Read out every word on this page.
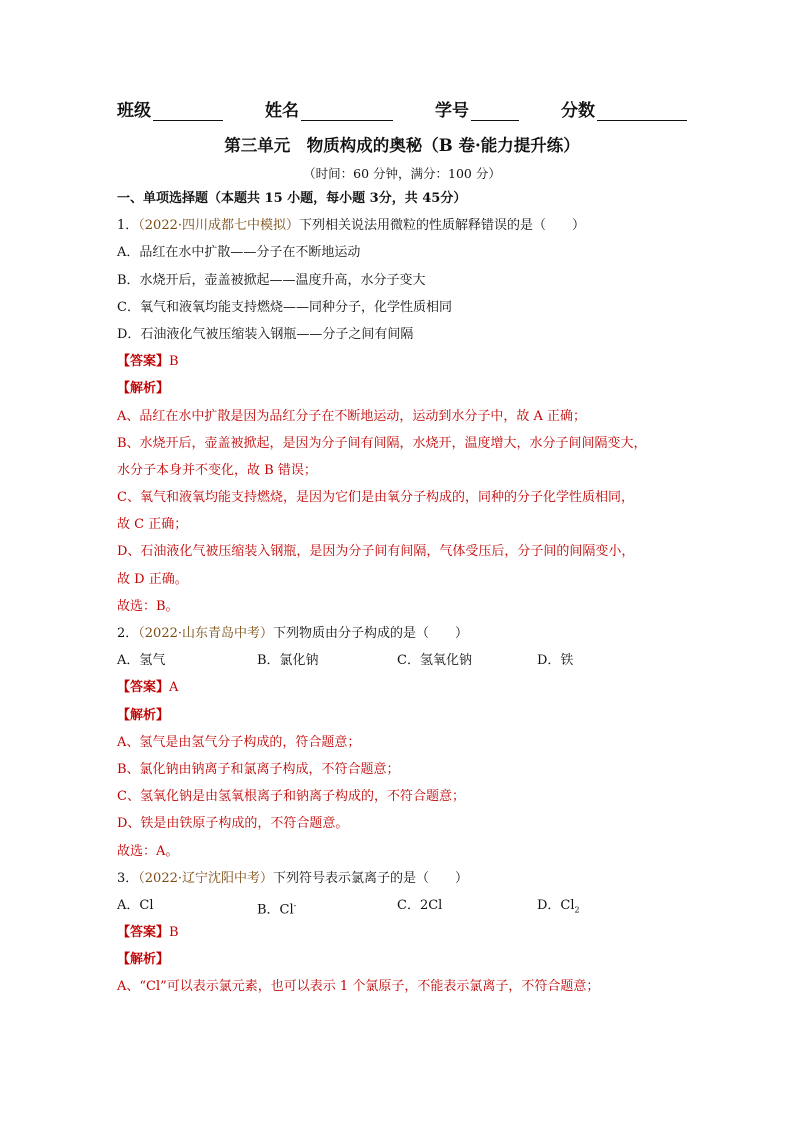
班级	姓名	学号	分数
第三单元　物质构成的奥秘（B 卷·能力提升练）
（时间：60 分钟，满分：100 分）
一、单项选择题（本题共 15 小题，每小题 3分，共 45分）
1．（2022·四川成都七中模拟）下列相关说法用微粒的性质解释错误的是（　　）
A．品红在水中扩散——分子在不断地运动
B．水烧开后，壶盖被掀起——温度升高，水分子变大
C．氧气和液氧均能支持燃烧——同种分子，化学性质相同
D．石油液化气被压缩装入钢瓶——分子之间有间隔
【答案】B
【解析】
A、品红在水中扩散是因为品红分子在不断地运动，运动到水分子中，故 A 正确；
B、水烧开后，壶盖被掀起，是因为分子间有间隔，水烧开，温度增大，水分子间间隔变大，
水分子本身并不变化，故 B 错误；
C、氧气和液氧均能支持燃烧，是因为它们是由氧分子构成的，同种的分子化学性质相同，
故 C 正确；
D、石油液化气被压缩装入钢瓶，是因为分子间有间隔，气体受压后，分子间的间隔变小，
故 D 正确。
故选：B。
2．（2022·山东青岛中考）下列物质由分子构成的是（　　）
A．氢气	B．氯化钠	C．氢氧化钠	D．铁
【答案】A
【解析】
A、氢气是由氢气分子构成的，符合题意；
B、氯化钠由钠离子和氯离子构成，不符合题意；
C、氢氧化钠是由氢氧根离子和钠离子构成的，不符合题意；
D、铁是由铁原子构成的，不符合题意。
故选：A。
3．（2022·辽宁沈阳中考）下列符号表示氯离子的是（　　）
A．Cl	B．Cl-	C．2Cl	D．$Cl_2$
【答案】B
【解析】
A、“Cl”可以表示氯元素，也可以表示 1 个氯原子，不能表示氯离子，不符合题意；
